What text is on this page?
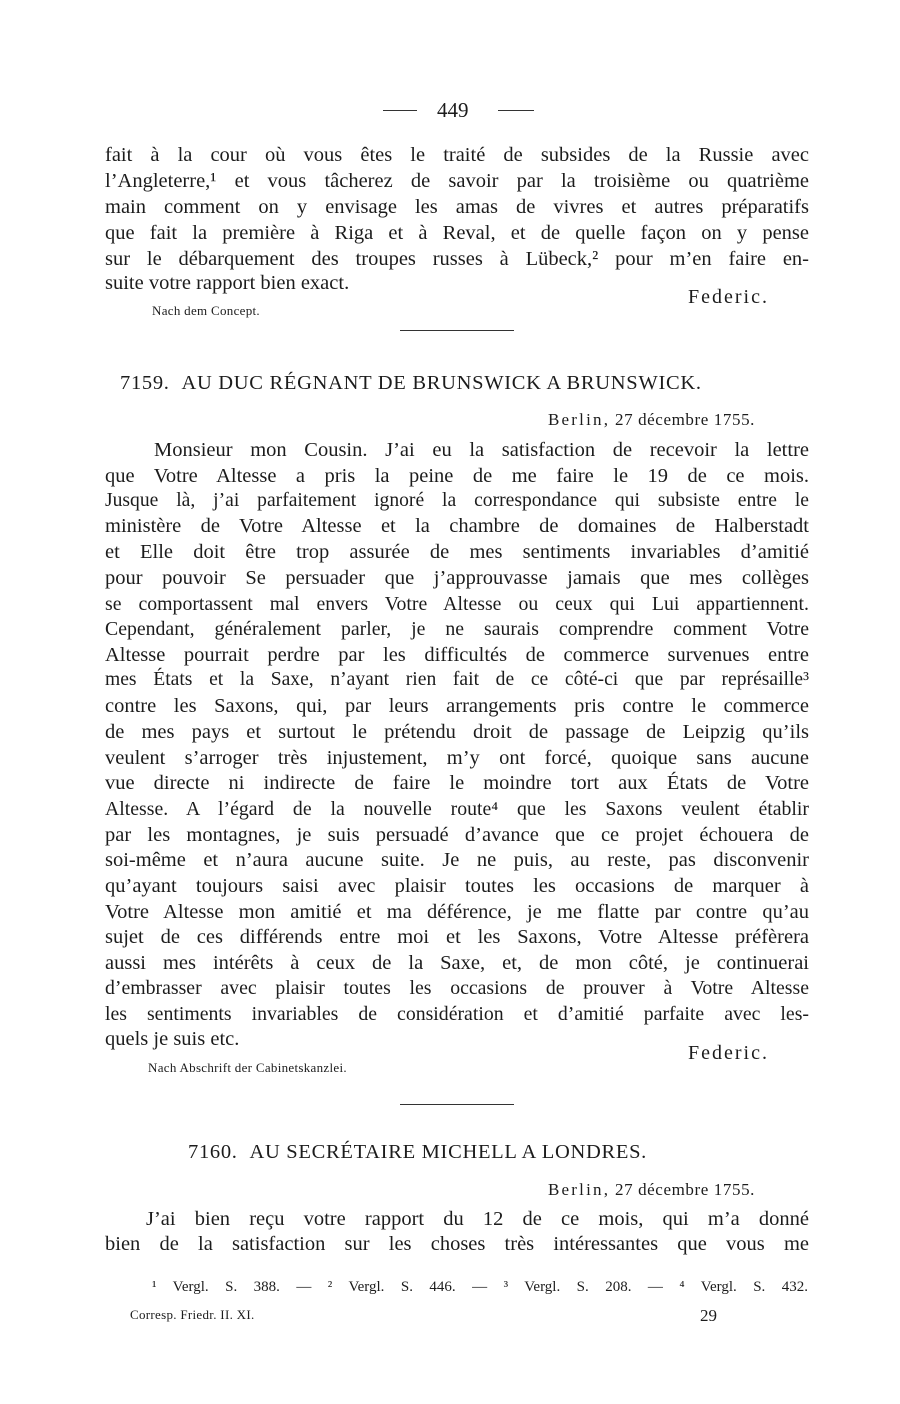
449
fait à la cour où vous êtes le traité de subsides de la Russie avec
l’Angleterre,¹ et vous tâcherez de savoir par la troisième ou quatrième
main comment on y envisage les amas de vivres et autres préparatifs
que fait la première à Riga et à Reval, et de quelle façon on y pense
sur le débarquement des troupes russes à Lübeck,² pour m’en faire en-
suite votre rapport bien exact.
Federic.
Nach dem Concept.
7159. AU DUC RÉGNANT DE BRUNSWICK A BRUNSWICK.
Berlin, 27 décembre 1755.
Monsieur mon Cousin. J’ai eu la satisfaction de recevoir la lettre
que Votre Altesse a pris la peine de me faire le 19 de ce mois.
Jusque là, j’ai parfaitement ignoré la correspondance qui subsiste entre le
ministère de Votre Altesse et la chambre de domaines de Halberstadt
et Elle doit être trop assurée de mes sentiments invariables d’amitié
pour pouvoir Se persuader que j’approuvasse jamais que mes collèges
se comportassent mal envers Votre Altesse ou ceux qui Lui appartiennent.
Cependant, généralement parler, je ne saurais comprendre comment Votre
Altesse pourrait perdre par les difficultés de commerce survenues entre
mes États et la Saxe, n’ayant rien fait de ce côté-ci que par représaille³
contre les Saxons, qui, par leurs arrangements pris contre le commerce
de mes pays et surtout le prétendu droit de passage de Leipzig qu’ils
veulent s’arroger très injustement, m’y ont forcé, quoique sans aucune
vue directe ni indirecte de faire le moindre tort aux États de Votre
Altesse. A l’égard de la nouvelle route⁴ que les Saxons veulent établir
par les montagnes, je suis persuadé d’avance que ce projet échouera de
soi-même et n’aura aucune suite. Je ne puis, au reste, pas disconvenir
qu’ayant toujours saisi avec plaisir toutes les occasions de marquer à
Votre Altesse mon amitié et ma déférence, je me flatte par contre qu’au
sujet de ces différends entre moi et les Saxons, Votre Altesse préfèrera
aussi mes intérêts à ceux de la Saxe, et, de mon côté, je continuerai
d’embrasser avec plaisir toutes les occasions de prouver à Votre Altesse
les sentiments invariables de considération et d’amitié parfaite avec les-
quels je suis etc.
Federic.
Nach Abschrift der Cabinetskanzlei.
7160. AU SECRÉTAIRE MICHELL A LONDRES.
Berlin, 27 décembre 1755.
J’ai bien reçu votre rapport du 12 de ce mois, qui m’a donné
bien de la satisfaction sur les choses très intéressantes que vous me
¹ Vergl. S. 388. — ² Vergl. S. 446. — ³ Vergl. S. 208. — ⁴ Vergl. S. 432.
Corresp. Friedr. II. XI.	29
